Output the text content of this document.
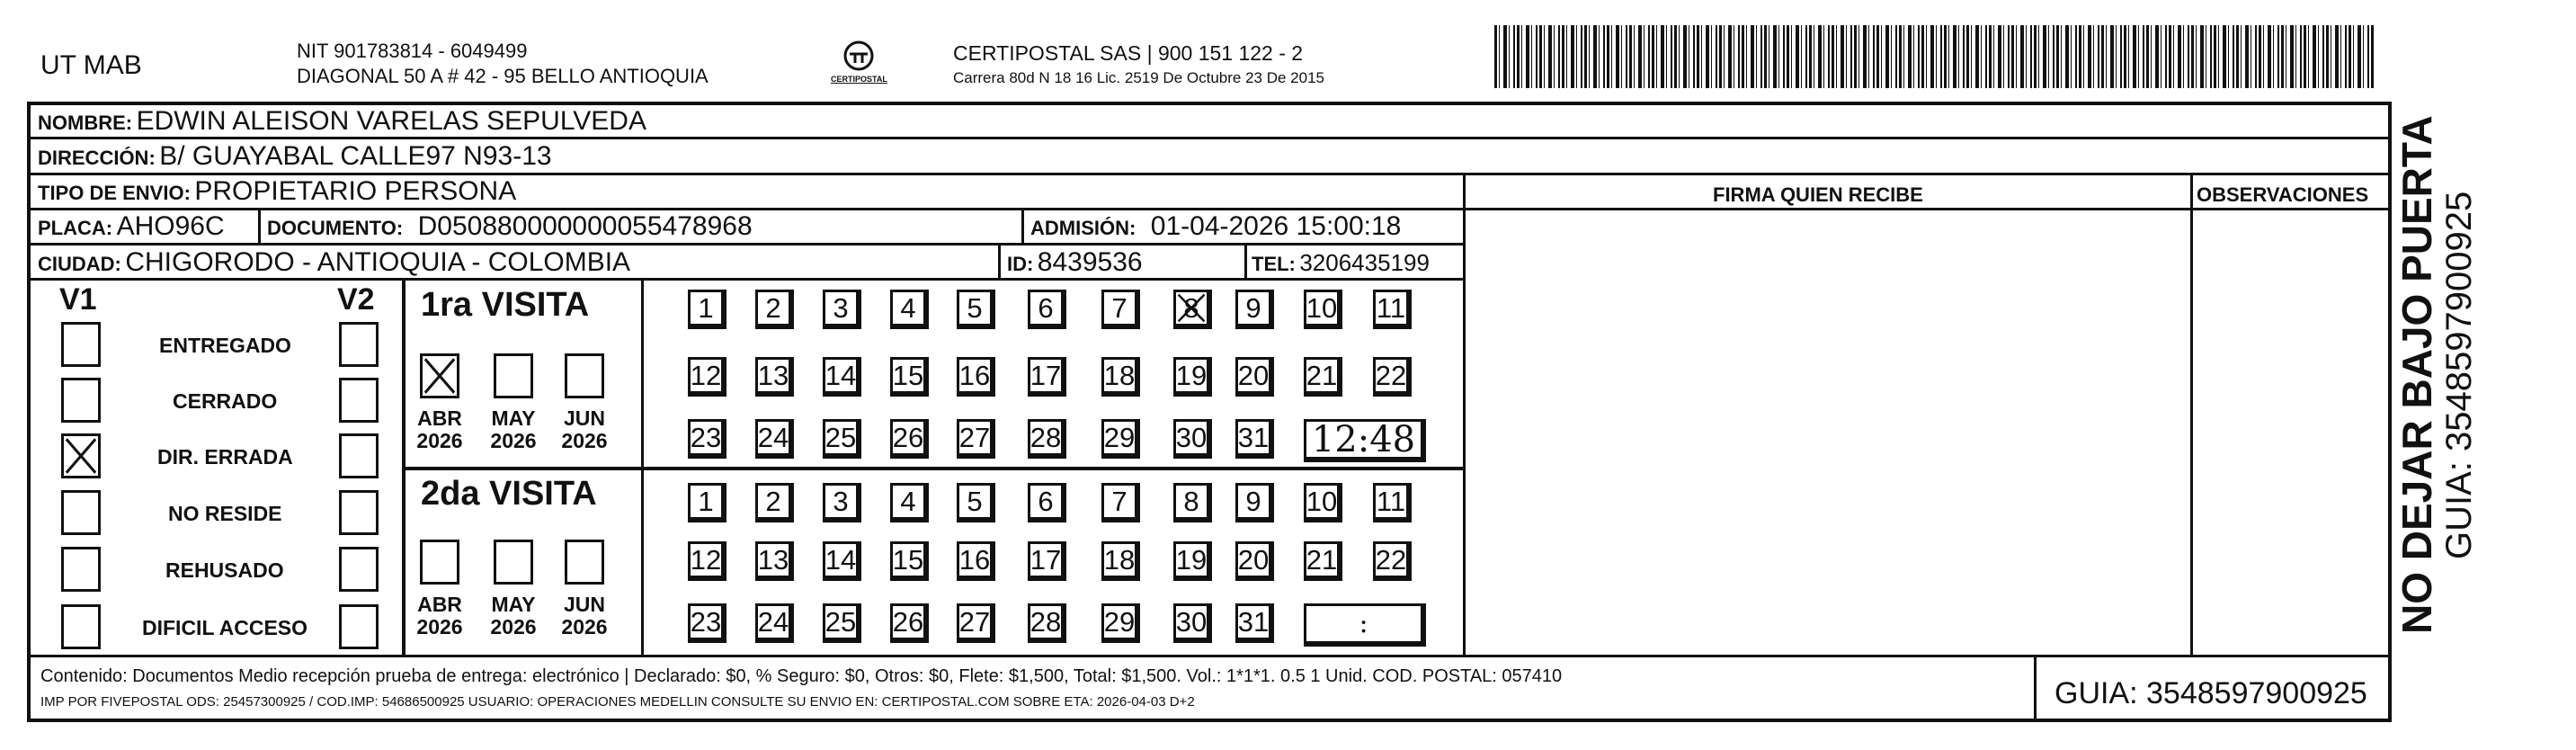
UT MAB	NIT 901783814 - 6049499
DIAGONAL 50 A # 42 - 95 BELLO ANTIOQUIA	CERTIPOSTAL
CERTIPOSTAL SAS | 900 151 122 - 2
Carrera 80d N 18 16 Lic. 2519 De Octubre 23 De 2015
NOMBRE: EDWIN ALEISON VARELAS SEPULVEDA
DIRECCIÓN: B/ GUAYABAL CALLE97 N93-13
TIPO DE ENVIO: PROPIETARIO PERSONA
PLACA: AHO96C DOCUMENTO: D050880000000055478968	ADMISIÓN: 01-04-2026 15:00:18
CIUDAD: CHIGORODO - ANTIOQUIA - COLOMBIA	ID: 8439536	TEL: 3206435199
FIRMA QUIEN RECIBE	OBSERVACIONES
V1	V2
ENTREGADO
CERRADO
DIR. ERRADA
NO RESIDE
REHUSADO
DIFICIL ACCESO
1ra VISITA
2da VISITA
ABR
2026
MAY
2026
JUN
2026
ABR
2026
MAY
2026
JUN
2026
1 2 3 4 5 6 7 8 9 10 11
12 13 14 15 16 17 18 19 20 21 22
23 24 25 26 27 28 29 30 31 12:48
1 2 3 4 5 6 7 8 9 10 11
12 13 14 15 16 17 18 19 20 21 22
23 24 25 26 27 28 29 30 31	:
Contenido: Documentos Medio recepción prueba de entrega: electrónico | Declarado: $0, % Seguro: $0, Otros: $0, Flete: $1,500, Total: $1,500. Vol.: 1*1*1. 0.5 1 Unid. COD. POSTAL: 057410
IMP POR FIVEPOSTAL ODS: 25457300925 / COD.IMP: 54686500925 USUARIO: OPERACIONES MEDELLIN CONSULTE SU ENVIO EN: CERTIPOSTAL.COM SOBRE ETA: 2026-04-03 D+2	GUIA: 3548597900925
NO DEJAR BAJO PUERTA GUIA: 3548597900925
